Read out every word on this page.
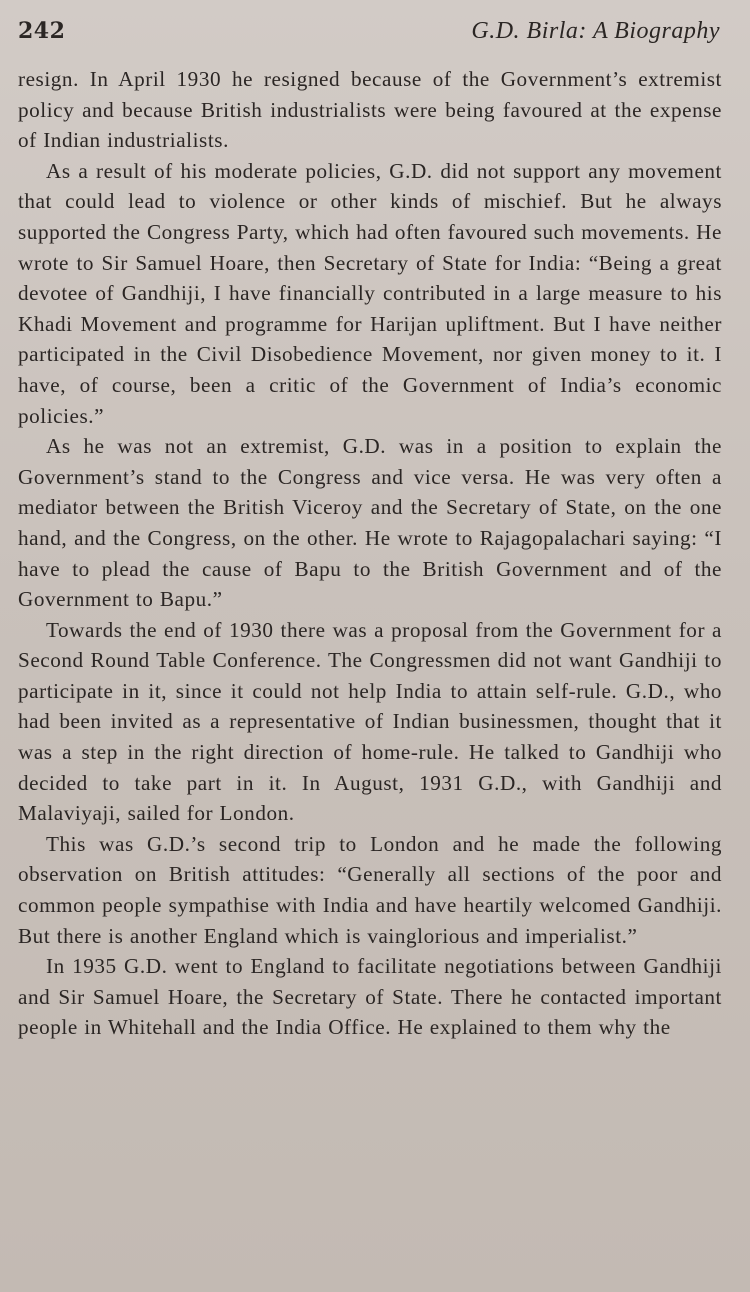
242	G.D. Birla: A Biography

resign. In April 1930 he resigned because of the Government’s extremist policy and because British industrialists were being favoured at the expense of Indian industrialists.

As a result of his moderate policies, G.D. did not support any movement that could lead to violence or other kinds of mischief. But he always supported the Congress Party, which had often favoured such movements. He wrote to Sir Samuel Hoare, then Secretary of State for India: “Being a great devotee of Gandhiji, I have financially contributed in a large measure to his Khadi Movement and programme for Harijan upliftment. But I have neither participated in the Civil Disobedience Movement, nor given money to it. I have, of course, been a critic of the Government of India’s economic policies.”

As he was not an extremist, G.D. was in a position to explain the Government’s stand to the Congress and vice versa. He was very often a mediator between the British Viceroy and the Secretary of State, on the one hand, and the Congress, on the other. He wrote to Rajagopalachari saying: “I have to plead the cause of Bapu to the British Government and of the Government to Bapu.”

Towards the end of 1930 there was a proposal from the Government for a Second Round Table Conference. The Congressmen did not want Gandhiji to participate in it, since it could not help India to attain self-rule. G.D., who had been invited as a representative of Indian businessmen, thought that it was a step in the right direction of home-rule. He talked to Gandhiji who decided to take part in it. In August, 1931 G.D., with Gandhiji and Malaviyaji, sailed for London.

This was G.D.’s second trip to London and he made the following observation on British attitudes: “Generally all sections of the poor and common people sympathise with India and have heartily welcomed Gandhiji. But there is another England which is vainglorious and imperialist.”

In 1935 G.D. went to England to facilitate negotiations between Gandhiji and Sir Samuel Hoare, the Secretary of State. There he contacted important people in Whitehall and the India Office. He explained to them why the
